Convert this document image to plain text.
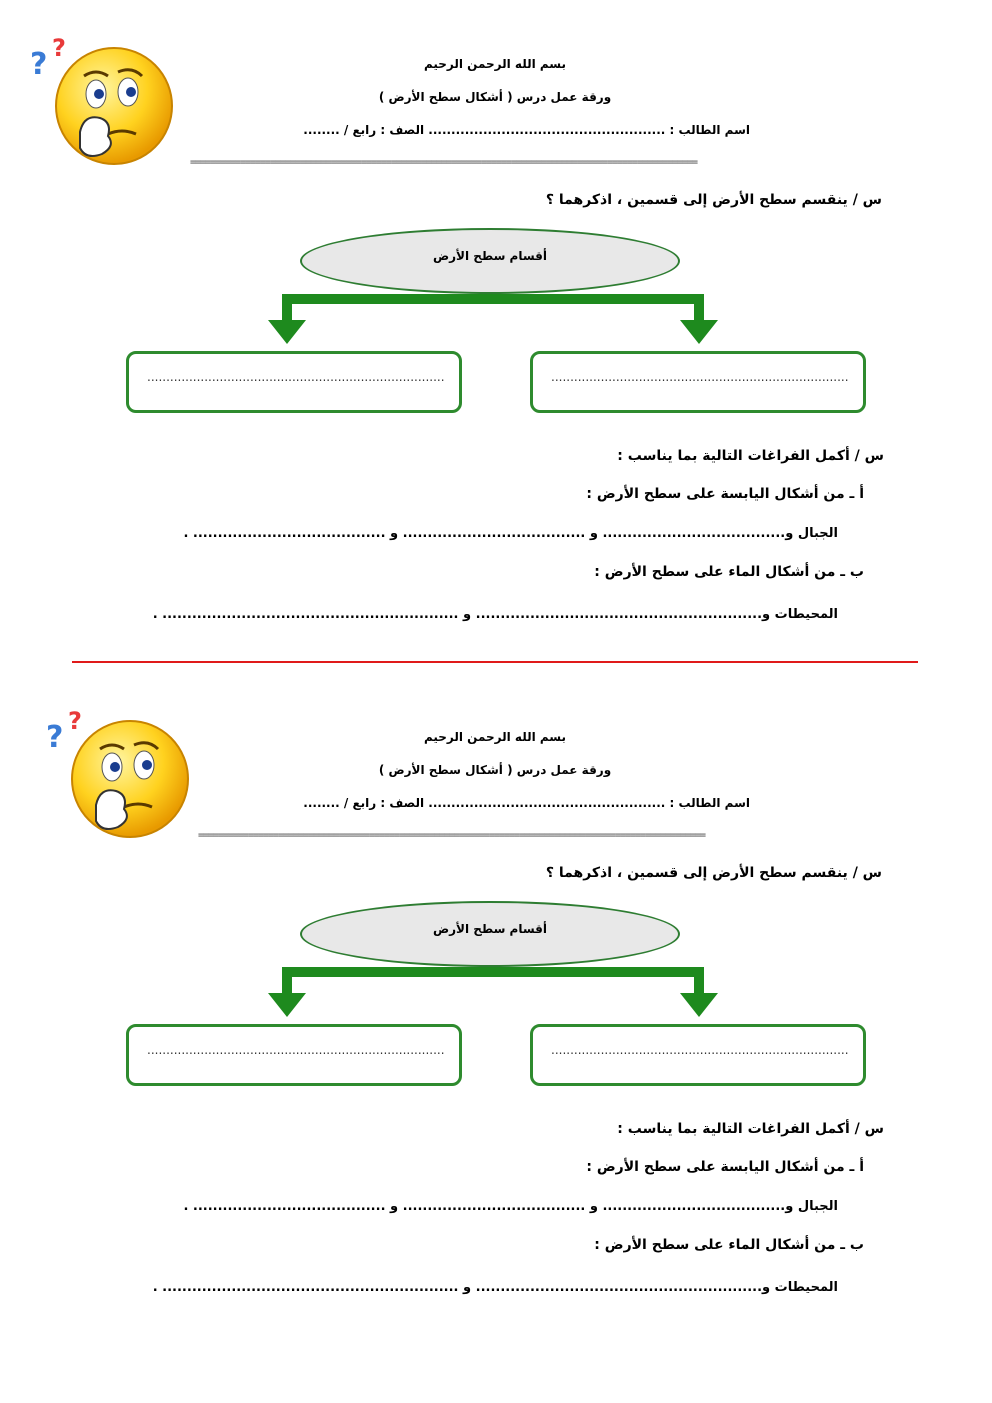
? ?
بسم الله الرحمن الرحيم
ورقة عمل درس ( أشكال سطح الأرض )
اسم الطالب : .................................................... الصف : رابع / ........
=====================================================================================================
س / ينقسم سطح الأرض إلى قسمين ، اذكرهما ؟
أقسام سطح الأرض
..............................................................................	..............................................................................
س / أكمل الفراغات التالية بما يناسب :
أ ـ من أشكال اليابسة على سطح الأرض :
الجبال و..................................... و ..................................... و ....................................... .
ب ـ من أشكال الماء على سطح الأرض :
المحيطات و.......................................................... و ............................................................ .
? ?
بسم الله الرحمن الرحيم
ورقة عمل درس ( أشكال سطح الأرض )
اسم الطالب : .................................................... الصف : رابع / ........
=====================================================================================================
س / ينقسم سطح الأرض إلى قسمين ، اذكرهما ؟
أقسام سطح الأرض
..............................................................................	..............................................................................
س / أكمل الفراغات التالية بما يناسب :
أ ـ من أشكال اليابسة على سطح الأرض :
الجبال و..................................... و ..................................... و ....................................... .
ب ـ من أشكال الماء على سطح الأرض :
المحيطات و.......................................................... و ............................................................ .
